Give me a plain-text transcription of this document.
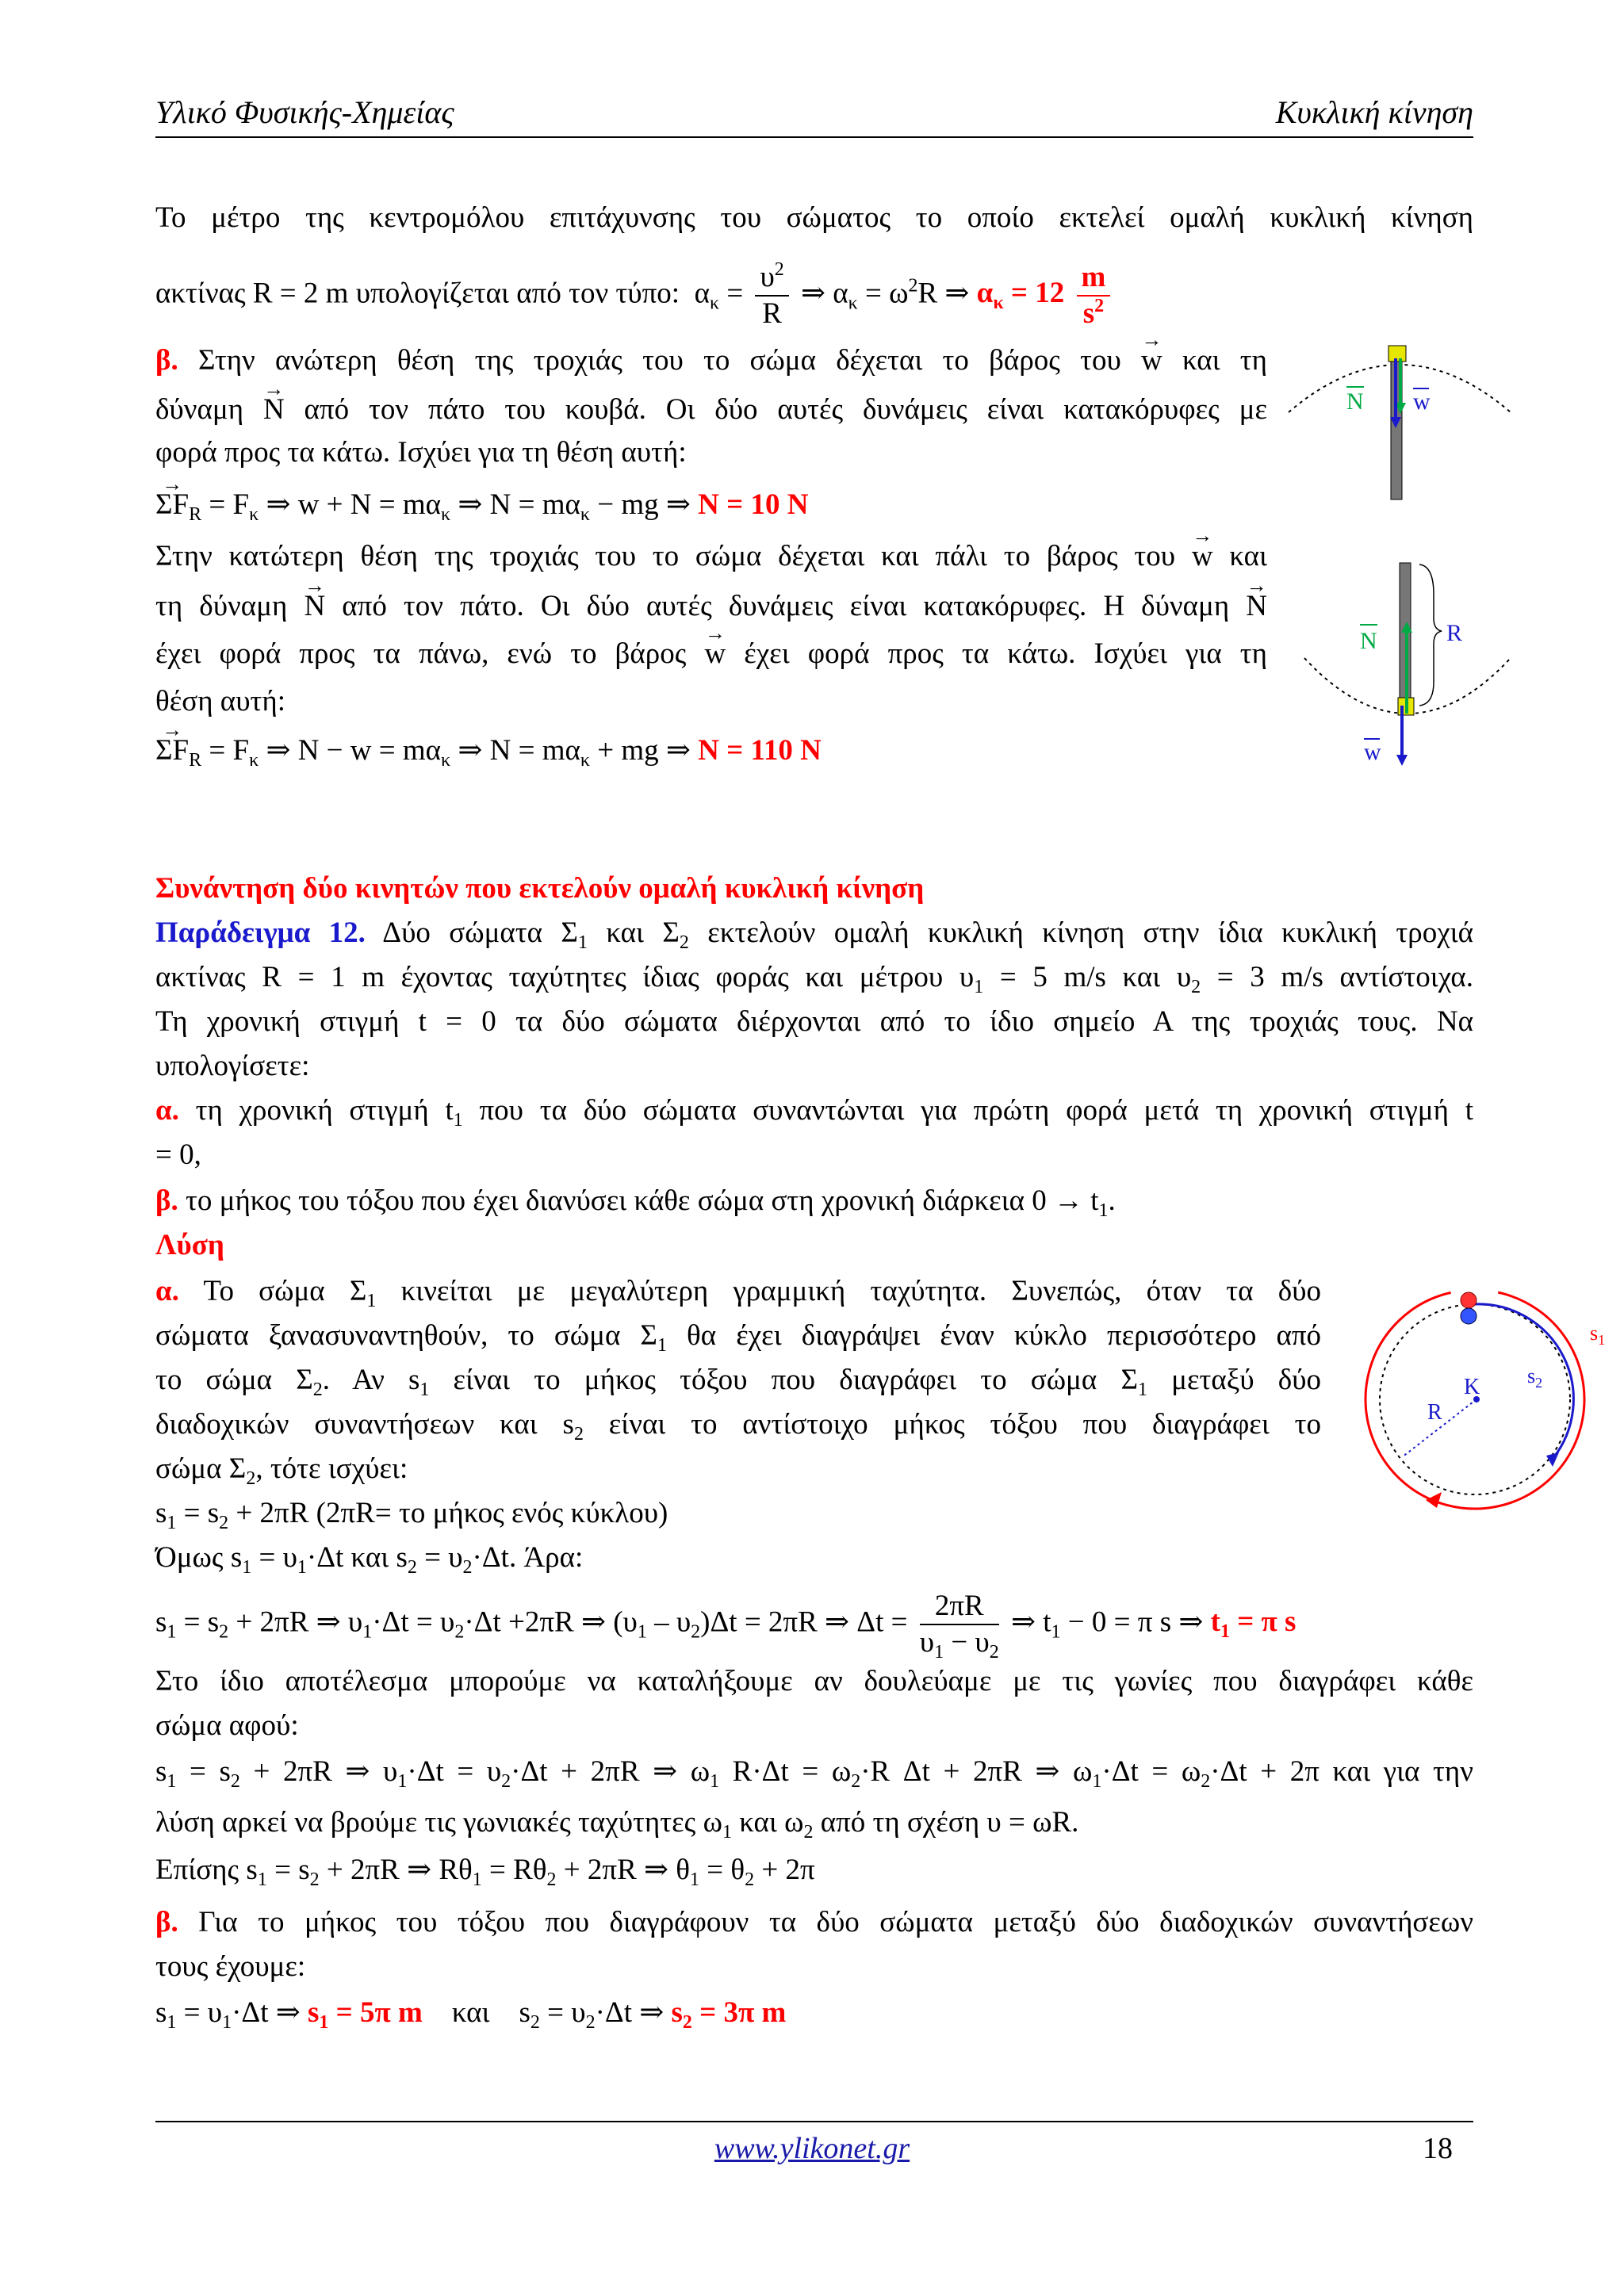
Υλικό Φυσικής-Χημείας	Κυκλική κίνηση
Το μέτρο της κεντρομόλου επιτάχυνσης του σώματος το οποίο εκτελεί ομαλή κυκλική κίνηση
ακτίνας R = 2 m υπολογίζεται από τον τύπο: $\alpha_\kappa = \frac{\upsilon^2}{R}$ ⇒ $\alpha_\kappa = \omega^2R$ ⇒ $\alpha_\kappa = 12 \frac{m}{s^2}$
β. Στην ανώτερη θέση της τροχιάς του το σώμα δέχεται το βάρος του → w και τη
δύναμη → N από τον πάτο του κουβά. Οι δύο αυτές δυνάμεις είναι κατακόρυφες με
φορά προς τα κάτω. Ισχύει για τη θέση αυτή:
→ $\Sigma F_R = F_\kappa$ ⇒ $w + N = m\alpha_\kappa$ ⇒ $N = m\alpha_\kappa$ − mg ⇒ N = 10 N
Στην κατώτερη θέση της τροχιάς του το σώμα δέχεται και πάλι το βάρος του → w και
τη δύναμη → N από τον πάτο. Οι δύο αυτές δυνάμεις είναι κατακόρυφες. Η δύναμη → N
έχει φορά προς τα πάνω, ενώ το βάρος → w έχει φορά προς τα κάτω. Ισχύει για τη
θέση αυτή:
→ $\Sigma F_R = F_\kappa$ ⇒ $N - w = m\alpha_\kappa$ ⇒ $N = m\alpha_\kappa$ + mg ⇒ N = 110 N
N w
N	R
w
Συνάντηση δύο κινητών που εκτελούν ομαλή κυκλική κίνηση
Παράδειγμα 12. Δύο σώματα $\Sigma_1$ και $\Sigma_2$ εκτελούν ομαλή κυκλική κίνηση στην ίδια κυκλική τροχιά
ακτίνας R = 1 m έχοντας ταχύτητες ίδιας φοράς και μέτρου $\upsilon_1 = 5$ m/s και $\upsilon_2 = 3$ m/s αντίστοιχα.
Τη χρονική στιγμή t = 0 τα δύο σώματα διέρχονται από το ίδιο σημείο Α της τροχιάς τους. Να
υπολογίσετε:
α. τη χρονική στιγμή $t_1$ που τα δύο σώματα συναντώνται για πρώτη φορά μετά τη χρονική στιγμή t
= 0,
β. το μήκος του τόξου που έχει διανύσει κάθε σώμα στη χρονική διάρκεια $0 \to t_1$.
Λύση
α. Το σώμα $\Sigma_1$ κινείται με μεγαλύτερη γραμμική ταχύτητα. Συνεπώς, όταν τα δύο
σώματα ξανασυναντηθούν, το σώμα $\Sigma_1$ θα έχει διαγράψει έναν κύκλο περισσότερο από
το σώμα $\Sigma_2$. Αν $s_1$ είναι το μήκος τόξου που διαγράφει το σώμα $\Sigma_1$ μεταξύ δύο
διαδοχικών συναντήσεων και $s_2$ είναι το αντίστοιχο μήκος τόξου που διαγράφει το
σώμα $\Sigma_2$, τότε ισχύει:
$s_1 = s_2 + 2\pi R$ (2πR= το μήκος ενός κύκλου)
Όμως $s_1 = \upsilon_1\cdot\Delta t$ και $s_2 = \upsilon_2\cdot\Delta t$. Άρα:
$s_1 = s_2 + 2\pi R$ ⇒ $\upsilon_1\cdot\Delta t = \upsilon_2\cdot\Delta t +2\pi R$ ⇒ $(\upsilon_1 - \upsilon_2)\Delta t = 2\pi R$ ⇒ $\Delta t = \frac{2\pi R}{\upsilon_1 - \upsilon_2}$ ⇒ $t_1 - 0 = \pi$ s ⇒ $t_1 = \pi$ s
Στο ίδιο αποτέλεσμα μπορούμε να καταλήξουμε αν δουλεύαμε με τις γωνίες που διαγράφει κάθε
σώμα αφού:
$s_1 = s_2 + 2\pi R$ ⇒ $\upsilon_1\cdot\Delta t = \upsilon_2\cdot\Delta t + 2\pi R$ ⇒ $\omega_1$ $R\cdot\Delta t = \omega_2\cdot R$ Δt + 2πR ⇒ $\omega_1\cdot\Delta t = \omega_2\cdot\Delta t + 2\pi$ και για την
λύση αρκεί να βρούμε τις γωνιακές ταχύτητες $\omega_1$ και $\omega_2$ από τη σχέση υ = ωR.
Επίσης $s_1 = s_2 + 2\pi R$ ⇒ $R\theta_1 = R\theta_2 + 2\pi R$ ⇒ $\theta_1 = \theta_2 + 2\pi$
β. Για το μήκος του τόξου που διαγράφουν τα δύο σώματα μεταξύ δύο διαδοχικών συναντήσεων
τους έχουμε:
$s_1 = \upsilon_1\cdot\Delta t$ ⇒ $s_1 = 5\pi$ m και $s_2 = \upsilon_2\cdot\Delta t$ ⇒ $s_2 = 3\pi$ m
K
R
$s_2$
$s_1$
www.ylikonet.gr	18
